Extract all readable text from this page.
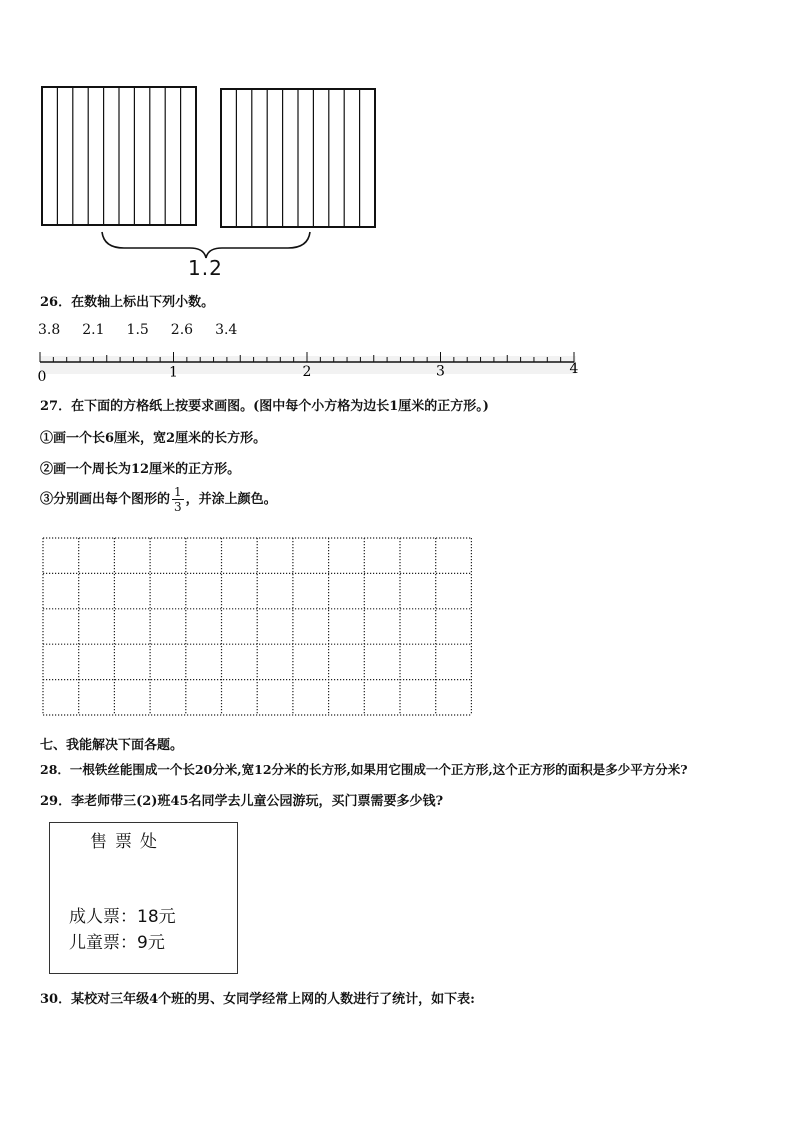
1.2
26．在数轴上标出下列小数。
3.8 2.1 1.5 2.6 3.4
0	1	2	3	4
27．在下面的方格纸上按要求画图。(图中每个小方格为边长1厘米的正方形。)
①画一个长6厘米，宽2厘米的长方形。
②画一个周长为12厘米的正方形。
③分别画出每个图形的 $\frac{1}{3}$ ，并涂上颜色。
七、我能解决下面各题。
28．一根铁丝能围成一个长20分米,宽12分米的长方形,如果用它围成一个正方形,这个正方形的面积是多少平方分米?
29．李老师带三(2)班45名同学去儿童公园游玩，买门票需要多少钱?
售票处
成人票：18元
儿童票：9元
30．某校对三年级4个班的男、女同学经常上网的人数进行了统计，如下表:
